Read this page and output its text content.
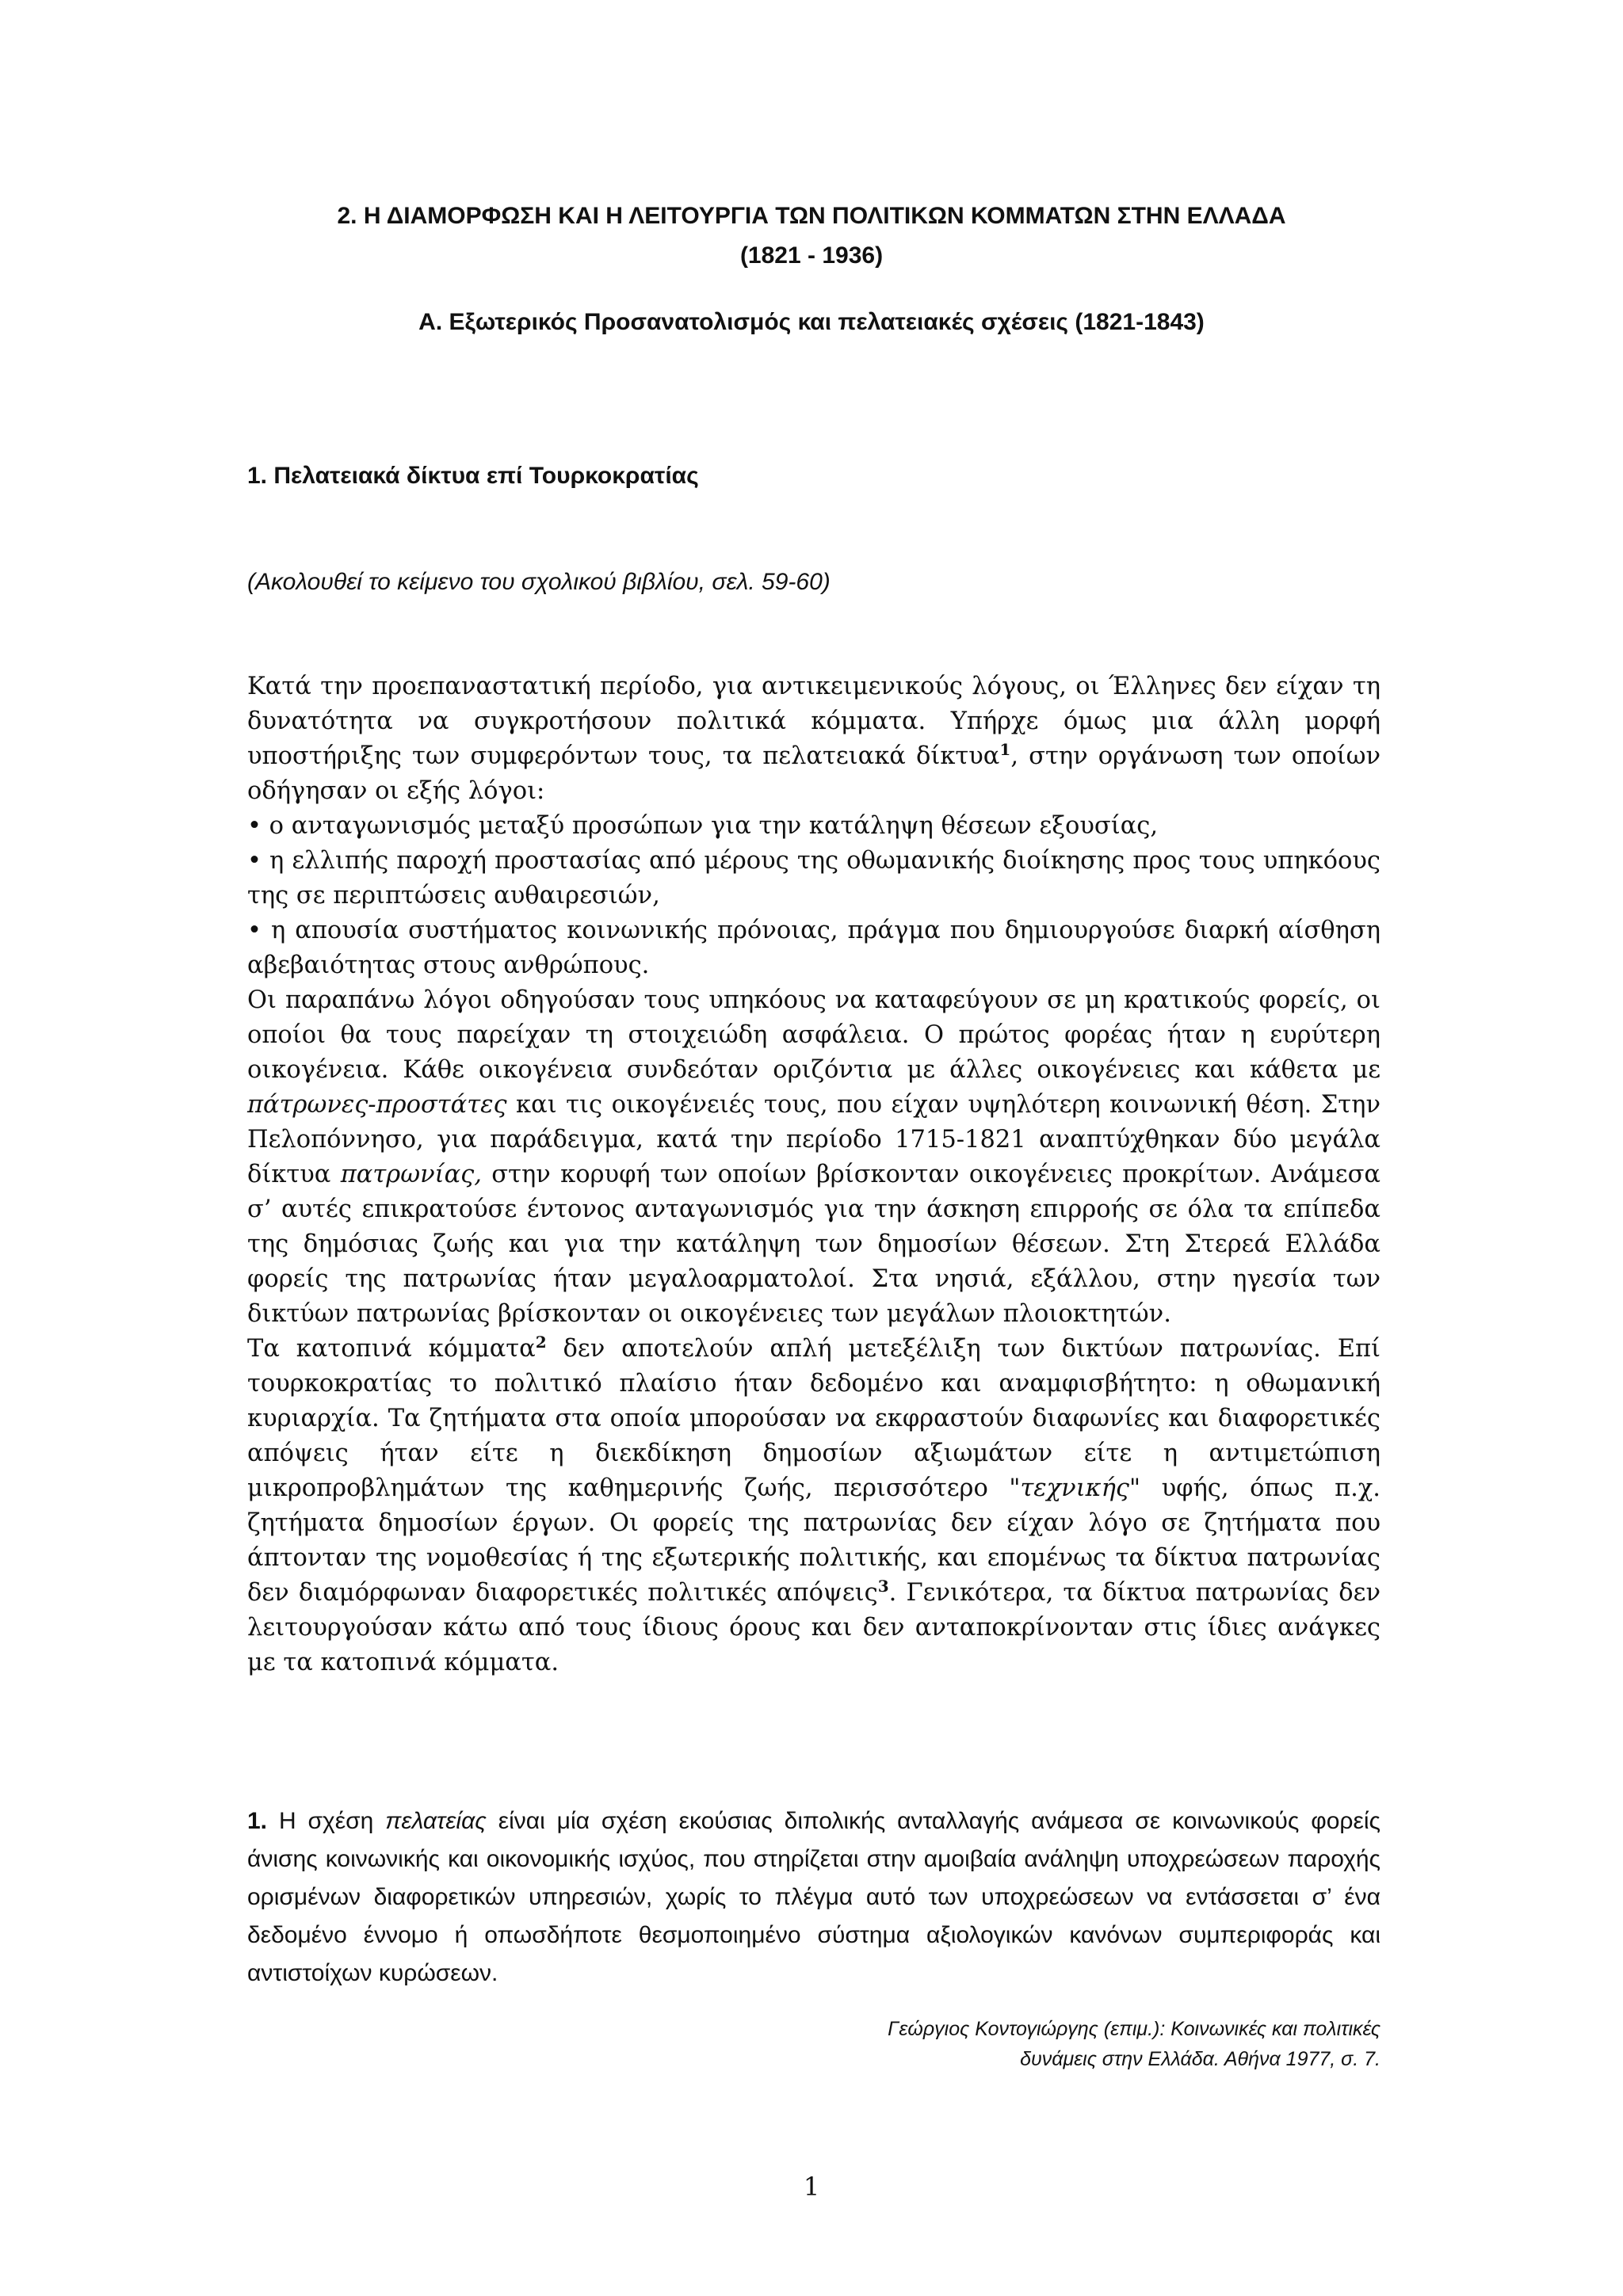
2. Η ΔΙΑΜΟΡΦΩΣΗ ΚΑΙ Η ΛΕΙΤΟΥΡΓΙΑ ΤΩΝ ΠΟΛΙΤΙΚΩΝ ΚΟΜΜΑΤΩΝ ΣΤΗΝ ΕΛΛΑΔΑ
(1821 - 1936)
Α. Εξωτερικός Προσανατολισμός και πελατειακές σχέσεις (1821-1843)
1. Πελατειακά δίκτυα επί Τουρκοκρατίας
(Ακολουθεί το κείμενο του σχολικού βιβλίου, σελ. 59-60)

Κατά την προεπαναστατική περίοδο, για αντικειμενικούς λόγους, οι Έλληνες δεν είχαν τη δυνατότητα να συγκροτήσουν πολιτικά κόμματα. Υπήρχε όμως μια άλλη μορφή υποστήριξης των συμφερόντων τους, τα πελατειακά δίκτυα$^1$, στην οργάνωση των οποίων οδήγησαν οι εξής λόγοι:

• ο ανταγωνισμός μεταξύ προσώπων για την κατάληψη θέσεων εξουσίας,

• η ελλιπής παροχή προστασίας από μέρους της οθωμανικής διοίκησης προς τους υπηκόους της σε περιπτώσεις αυθαιρεσιών,

• η απουσία συστήματος κοινωνικής πρόνοιας, πράγμα που δημιουργούσε διαρκή αίσθηση αβεβαιότητας στους ανθρώπους.

Οι παραπάνω λόγοι οδηγούσαν τους υπηκόους να καταφεύγουν σε μη κρατικούς φορείς, οι οποίοι θα τους παρείχαν τη στοιχειώδη ασφάλεια. Ο πρώτος φορέας ήταν η ευρύτερη οικογένεια. Κάθε οικογένεια συνδεόταν οριζόντια με άλλες οικογένειες και κάθετα με πάτρωνες-προστάτες και τις οικογένειές τους, που είχαν υψηλότερη κοινωνική θέση. Στην Πελοπόννησο, για παράδειγμα, κατά την περίοδο 1715-1821 αναπτύχθηκαν δύο μεγάλα δίκτυα πατρωνίας, στην κορυφή των οποίων βρίσκονταν οικογένειες προκρίτων. Ανάμεσα σ’ αυτές επικρατούσε έντονος ανταγωνισμός για την άσκηση επιρροής σε όλα τα επίπεδα της δημόσιας ζωής και για την κατάληψη των δημοσίων θέσεων. Στη Στερεά Ελλάδα φορείς της πατρωνίας ήταν μεγαλοαρματολοί. Στα νησιά, εξάλλου, στην ηγεσία των δικτύων πατρωνίας βρίσκονταν οι οικογένειες των μεγάλων πλοιοκτητών.

Τα κατοπινά κόμματα$^2$ δεν αποτελούν απλή μετεξέλιξη των δικτύων πατρωνίας. Επί τουρκοκρατίας το πολιτικό πλαίσιο ήταν δεδομένο και αναμφισβήτητο: η οθωμανική κυριαρχία. Τα ζητήματα στα οποία μπορούσαν να εκφραστούν διαφωνίες και διαφορετικές απόψεις ήταν είτε η διεκδίκηση δημοσίων αξιωμάτων είτε η αντιμετώπιση μικροπροβλημάτων της καθημερινής ζωής, περισσότερο "τεχνικής" υφής, όπως π.χ. ζητήματα δημοσίων έργων. Οι φορείς της πατρωνίας δεν είχαν λόγο σε ζητήματα που άπτονταν της νομοθεσίας ή της εξωτερικής πολιτικής, και επομένως τα δίκτυα πατρωνίας δεν διαμόρφωναν διαφορετικές πολιτικές απόψεις$^3$. Γενικότερα, τα δίκτυα πατρωνίας δεν λειτουργούσαν κάτω από τους ίδιους όρους και δεν ανταποκρίνονταν στις ίδιες ανάγκες με τα κατοπινά κόμματα.

1. Η σχέση πελατείας είναι μία σχέση εκούσιας διπολικής ανταλλαγής ανάμεσα σε κοινωνικούς φορείς άνισης κοινωνικής και οικονομικής ισχύος, που στηρίζεται στην αμοιβαία ανάληψη υποχρεώσεων παροχής ορισμένων διαφορετικών υπηρεσιών, χωρίς το πλέγμα αυτό των υποχρεώσεων να εντάσσεται σ’ ένα δεδομένο έννομο ή οπωσδήποτε θεσμοποιημένο σύστημα αξιολογικών κανόνων συμπεριφοράς και αντιστοίχων κυρώσεων.

Γεώργιος Κοντογιώργης (επιμ.): Κοινωνικές και πολιτικές
δυνάμεις στην Ελλάδα. Αθήνα 1977, σ. 7.
1
